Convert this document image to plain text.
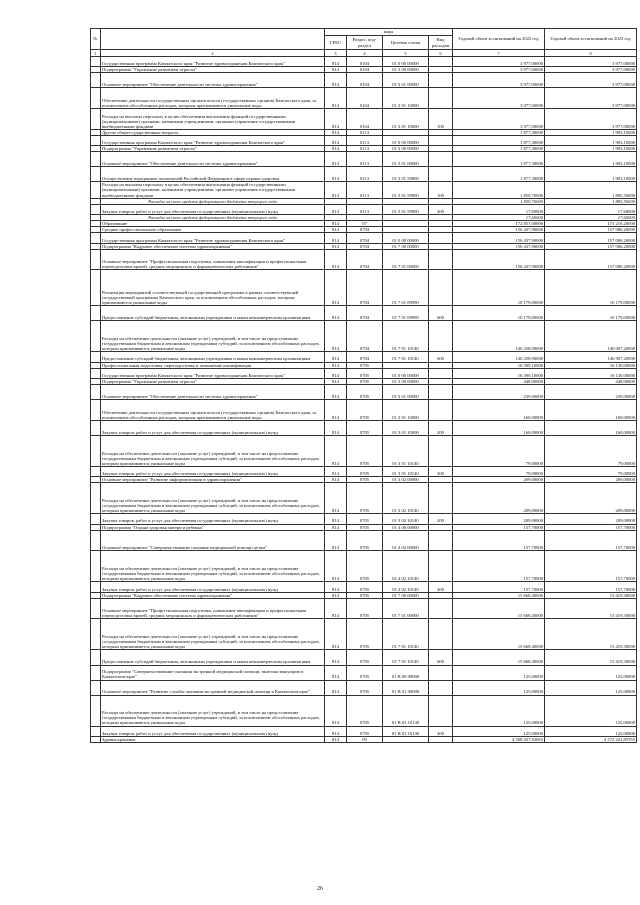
№		коды				Годовой объем ассигнований на 2022 год	Годовой объем ассигнований на 2023 год
		ГРБС	Раздел, под-раздел	Целевая статья	Вид расходов		
1	2	3	4	5	6	7	8
	Государственная программа Камчатского края "Развитие здравоохранения Камчатского края"	814	0104	01 0 00 00000		3 977,00000	3 977,00000
	Подпрограмма "Управление развитием отрасли"	814	0104	01 3 00 00000		3 977,00000	3 977,00000
	Основное мероприятие "Обеспечение деятельности системы здравоохранения"	814	0104	01 3 01 00000		3 977,00000	3 977,00000
	Обеспечение деятельности государственных органов власти (государственных органов) Камчатского края, за исключением обособленных расходов, которым присваиваются уникальные коды	814	0104	01 3 01 10000		3 977,00000	3 977,00000
	Расходы на выплаты персоналу в целях обеспечения выполнения функций государственными (муниципальными) органами, казенными учреждениями, органами управления государственными внебюджетными фондами	814	0104	01 3 01 10000	100	3 977,00000	3 977,00000
	Другие общегосударственные вопросы	814	0113			1 877,30000	1 903,10000
	Государственная программа Камчатского края "Развитие здравоохранения Камчатского края"	814	0113	01 0 00 00000		1 877,30000	1 903,10000
	Подпрограмма "Управление развитием отрасли"	814	0113	01 3 00 00000		1 877,30000	1 903,10000
	Основное мероприятие "Обеспечение деятельности системы здравоохранения"	814	0113	01 3 01 00000		1 877,30000	1 903,10000
	Осуществление переданных полномочий Российской Федерации в сфере охраны здоровья	814	0113	01 3 01 59800		1 877,30000	1 903,10000
	Расходы на выплаты персоналу в целях обеспечения выполнения функций государственными (муниципальными) органами, казенными учреждениями, органами управления государственными внебюджетными фондами	814	0113	01 3 01 59800	100	1 859,70000	1 885,50000
	Расходы за счет средств федерального бюджета текущего года					1 859,70000	1 885,50000
	Закупка товаров, работ и услуг для обеспечения государственных (муниципальных) нужд	814	0113	01 3 01 59800	200	17,60000	17,60000
	Расходы за счет средств федерального бюджета текущего года					17,60000	17,60000
	Образование	814	07			172 857,00000	173 216,20000
	Среднее профессиональное образование	814	0704			156 437,90000	157 086,20000
	Государственная программа Камчатского края "Развитие здравоохранения Камчатского края"	814	0704	01 0 00 00000		156 437,90000	157 086,20000
	Подпрограмма "Кадровое обеспечение системы здравоохранения"	814	0704	01 7 00 00000		156 437,90000	157 086,20000
	Основное мероприятие "Профессиональная подготовка, повышение квалификации и профессиональная переподготовка врачей, средних медицинских и фармацевтических работников"	814	0704	01 7 01 00000		156 437,90000	157 086,20000
	Реализация мероприятий соответствующей государственной программы в рамках соответствующей государственной программы Камчатского края, за исключением обособленных расходов, которым присваиваются уникальные коды	814	0704	01 7 01 09990		10 179,00000	10 179,00000
	Предоставление субсидий бюджетным, автономным учреждениям и иным некоммерческим организациям	814	0704	01 7 01 09990	600	10 179,00000	10 179,00000
	Расходы на обеспечение деятельности (оказание услуг) учреждений, в том числе на предоставление государственным бюджетным и автономным учреждениям субсидий, за исключением обособленных расходов, которым присваиваются уникальные коды	814	0704	01 7 01 10140		146 258,90000	146 907,20000
	Предоставление субсидий бюджетным, автономным учреждениям и иным некоммерческим организациям	814	0704	01 7 01 10140	600	146 258,90000	146 907,20000
	Профессиональная подготовка, переподготовка и повышение квалификации	814	0705			16 399,10000	16 130,00000
	Государственная программа Камчатского края "Развитие здравоохранения Камчатского края"	814	0705	01 0 00 00000		16 399,10000	16 130,00000
	Подпрограмма "Управление развитием отрасли"	814	0705	01 3 00 00000		448,00000	448,00000
	Основное мероприятие "Обеспечение деятельности системы здравоохранения"	814	0705	01 3 01 00000		239,00000	239,00000
	Обеспечение деятельности государственных органов власти (государственных органов) Камчатского края, за исключением обособленных расходов, которым присваиваются уникальные коды	814	0705	01 3 01 10000		160,00000	160,00000
	Закупка товаров, работ и услуг для обеспечения государственных (муниципальных) нужд	814	0705	01 3 01 10000	200	160,00000	160,00000
	Расходы на обеспечение деятельности (оказание услуг) учреждений, в том числе на предоставление государственным бюджетным и автономным учреждениям субсидий, за исключением обособленных расходов, которым присваиваются уникальные коды	814	0705	01 3 01 10140		79,00000	79,00000
	Закупка товаров, работ и услуг для обеспечения государственных (муниципальных) нужд	814	0705	01 3 01 10140	200	79,00000	79,00000
	Основное мероприятие "Развитие информатизации в здравоохранении"	814	0705	01 3 02 00000		209,00000	209,00000
	Расходы на обеспечение деятельности (оказание услуг) учреждений, в том числе на предоставление государственным бюджетным и автономным учреждениям субсидий, за исключением обособленных расходов, которым присваиваются уникальные коды	814	0705	01 3 02 10140		209,00000	209,00000
	Закупка товаров, работ и услуг для обеспечения государственных (муниципальных) нужд	814	0705	01 3 02 10140	200	209,00000	209,00000
	Подпрограмма "Охрана здоровья матери и ребенка"	814	0705	01 4 00 00000		157,70000	157,70000
	Основное мероприятие "Совершенствование оказания медицинской помощи детям"	814	0705	01 4 02 00000		157,70000	157,70000
	Расходы на обеспечение деятельности (оказание услуг) учреждений, в том числе на предоставление государственным бюджетным и автономным учреждениям субсидий, за исключением обособленных расходов, которым присваиваются уникальные коды	814	0705	01 4 02 10140		157,70000	157,70000
	Закупка товаров, работ и услуг для обеспечения государственных (муниципальных) нужд	814	0705	01 4 02 10140	200	157,70000	157,70000
	Подпрограмма "Кадровое обеспечение системы здравоохранения"	814	0705	01 7 00 00000		15 668,40000	15 419,30000
	Основное мероприятие "Профессиональная подготовка, повышение квалификации и профессиональная переподготовка врачей, средних медицинских и фармацевтических работников"	814	0705	01 7 01 00000		15 668,40000	15 419,30000
	Расходы на обеспечение деятельности (оказание услуг) учреждений, в том числе на предоставление государственным бюджетным и автономным учреждениям субсидий, за исключением обособленных расходов, которым присваиваются уникальные коды	814	0705	01 7 01 10140		15 668,40000	15 419,30000
	Предоставление субсидий бюджетным, автономным учреждениям и иным некоммерческим организациям	814	0705	01 7 01 10140	600	15 668,40000	15 419,30000
	Подпрограмма "Совершенствование оказания экстренной медицинской помощи, включая эвакуацию в Камчатском крае"	814	0705	01 В 00 00000		125,00000	125,00000
	Основное мероприятие "Развитие службы оказания экстренной медицинской помощи в Камчатском крае"	814	0705	01 В 01 00000		125,00000	125,00000
	Расходы на обеспечение деятельности (оказание услуг) учреждений, в том числе на предоставление государственным бюджетным и автономным учреждениям субсидий, за исключением обособленных расходов, которым присваиваются уникальные коды	814	0705	01 В 01 10140		125,00000	125,00000
	Закупка товаров, работ и услуг для обеспечения государственных (муниципальных) нужд	814	0705	01 В 01 10140	200	125,00000	125,00000
	Здравоохранение	814	09			4 508 927,92065	4 572 241,85765
26
